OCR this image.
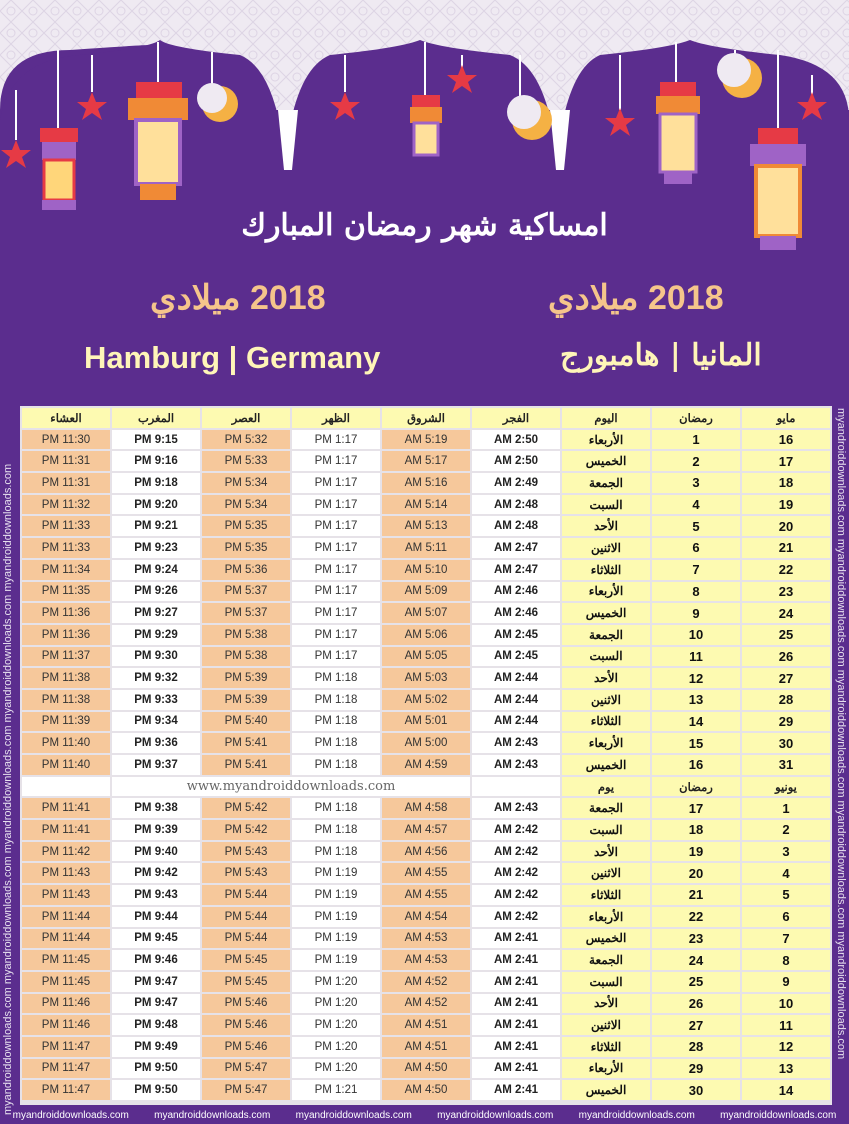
امساكية شهر رمضان المبارك
2018 ميلادي	2018 ميلادي
Hamburg | Germany	المانيا | هامبورج
myandroiddownloads.com myandroiddownloads.com myandroiddownloads.com myandroiddownloads.com myandroiddownloads.com	myandroiddownloads.com myandroiddownloads.com myandroiddownloads.com myandroiddownloads.com myandroiddownloads.com
مايو	رمضان	اليوم	الفجر	الشروق	الظهر	العصر	المغرب	العشاء
16	1	الأربعاء	2:50 AM	5:19 AM	1:17 PM	5:32 PM	9:15 PM	11:30 PM
17	2	الخميس	2:50 AM	5:17 AM	1:17 PM	5:33 PM	9:16 PM	11:31 PM
18	3	الجمعة	2:49 AM	5:16 AM	1:17 PM	5:34 PM	9:18 PM	11:31 PM
19	4	السبت	2:48 AM	5:14 AM	1:17 PM	5:34 PM	9:20 PM	11:32 PM
20	5	الأحد	2:48 AM	5:13 AM	1:17 PM	5:35 PM	9:21 PM	11:33 PM
21	6	الاثنين	2:47 AM	5:11 AM	1:17 PM	5:35 PM	9:23 PM	11:33 PM
22	7	الثلاثاء	2:47 AM	5:10 AM	1:17 PM	5:36 PM	9:24 PM	11:34 PM
23	8	الأربعاء	2:46 AM	5:09 AM	1:17 PM	5:37 PM	9:26 PM	11:35 PM
24	9	الخميس	2:46 AM	5:07 AM	1:17 PM	5:37 PM	9:27 PM	11:36 PM
25	10	الجمعة	2:45 AM	5:06 AM	1:17 PM	5:38 PM	9:29 PM	11:36 PM
26	11	السبت	2:45 AM	5:05 AM	1:17 PM	5:38 PM	9:30 PM	11:37 PM
27	12	الأحد	2:44 AM	5:03 AM	1:18 PM	5:39 PM	9:32 PM	11:38 PM
28	13	الاثنين	2:44 AM	5:02 AM	1:18 PM	5:39 PM	9:33 PM	11:38 PM
29	14	الثلاثاء	2:44 AM	5:01 AM	1:18 PM	5:40 PM	9:34 PM	11:39 PM
30	15	الأربعاء	2:43 AM	5:00 AM	1:18 PM	5:41 PM	9:36 PM	11:40 PM
31	16	الخميس	2:43 AM	4:59 AM	1:18 PM	5:41 PM	9:37 PM	11:40 PM
يونيو	رمضان	يوم		www.myandroiddownloads.com				
1	17	الجمعة	2:43 AM	4:58 AM	1:18 PM	5:42 PM	9:38 PM	11:41 PM
2	18	السبت	2:42 AM	4:57 AM	1:18 PM	5:42 PM	9:39 PM	11:41 PM
3	19	الأحد	2:42 AM	4:56 AM	1:18 PM	5:43 PM	9:40 PM	11:42 PM
4	20	الاثنين	2:42 AM	4:55 AM	1:19 PM	5:43 PM	9:42 PM	11:43 PM
5	21	الثلاثاء	2:42 AM	4:55 AM	1:19 PM	5:44 PM	9:43 PM	11:43 PM
6	22	الأربعاء	2:42 AM	4:54 AM	1:19 PM	5:44 PM	9:44 PM	11:44 PM
7	23	الخميس	2:41 AM	4:53 AM	1:19 PM	5:44 PM	9:45 PM	11:44 PM
8	24	الجمعة	2:41 AM	4:53 AM	1:19 PM	5:45 PM	9:46 PM	11:45 PM
9	25	السبت	2:41 AM	4:52 AM	1:20 PM	5:45 PM	9:47 PM	11:45 PM
10	26	الأحد	2:41 AM	4:52 AM	1:20 PM	5:46 PM	9:47 PM	11:46 PM
11	27	الاثنين	2:41 AM	4:51 AM	1:20 PM	5:46 PM	9:48 PM	11:46 PM
12	28	الثلاثاء	2:41 AM	4:51 AM	1:20 PM	5:46 PM	9:49 PM	11:47 PM
13	29	الأربعاء	2:41 AM	4:50 AM	1:20 PM	5:47 PM	9:50 PM	11:47 PM
14	30	الخميس	2:41 AM	4:50 AM	1:21 PM	5:47 PM	9:50 PM	11:47 PM
myandroiddownloads.com	myandroiddownloads.com	myandroiddownloads.com	myandroiddownloads.com	myandroiddownloads.com	myandroiddownloads.com
